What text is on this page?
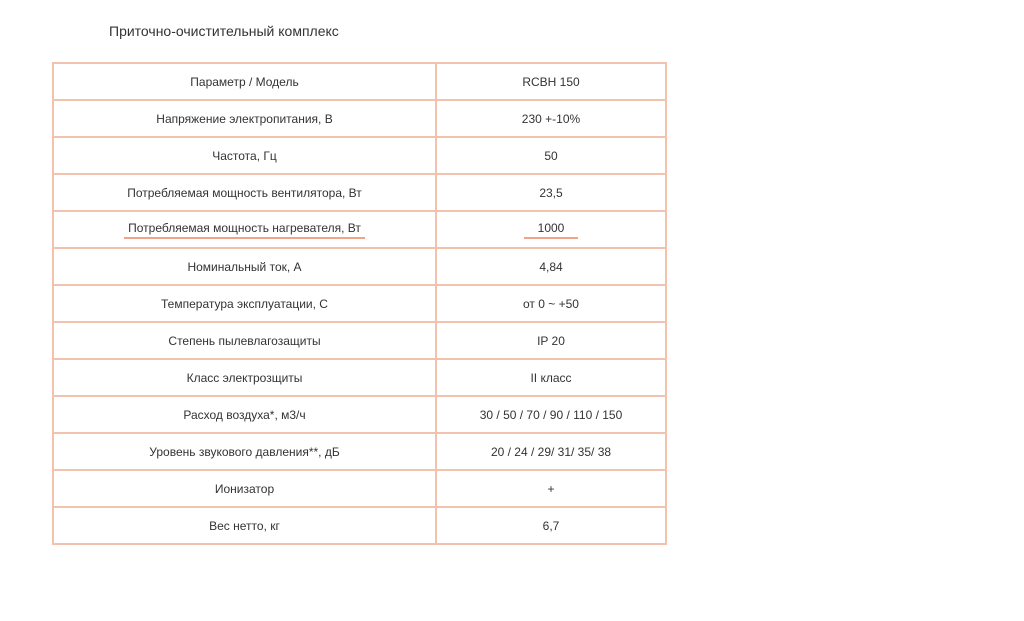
Приточно-очистительный комплекс
Параметр / Модель	RCBH 150
Напряжение электропитания, В	230 +-10%
Частота, Гц	50
Потребляемая мощность вентилятора, Вт	23,5
Потребляемая мощность нагревателя, Вт	1000
Номинальный ток, А	4,84
Температура эксплуатации, С	от 0 ~ +50
Степень пылевлагозащиты	IP 20
Класс электрозщиты	II класс
Расход воздуха*, м3/ч	30 / 50 / 70 / 90 / 110 / 150
Уровень звукового давления**, дБ	20 / 24 / 29/ 31/ 35/ 38
Ионизатор	+
Вес нетто, кг	6,7
